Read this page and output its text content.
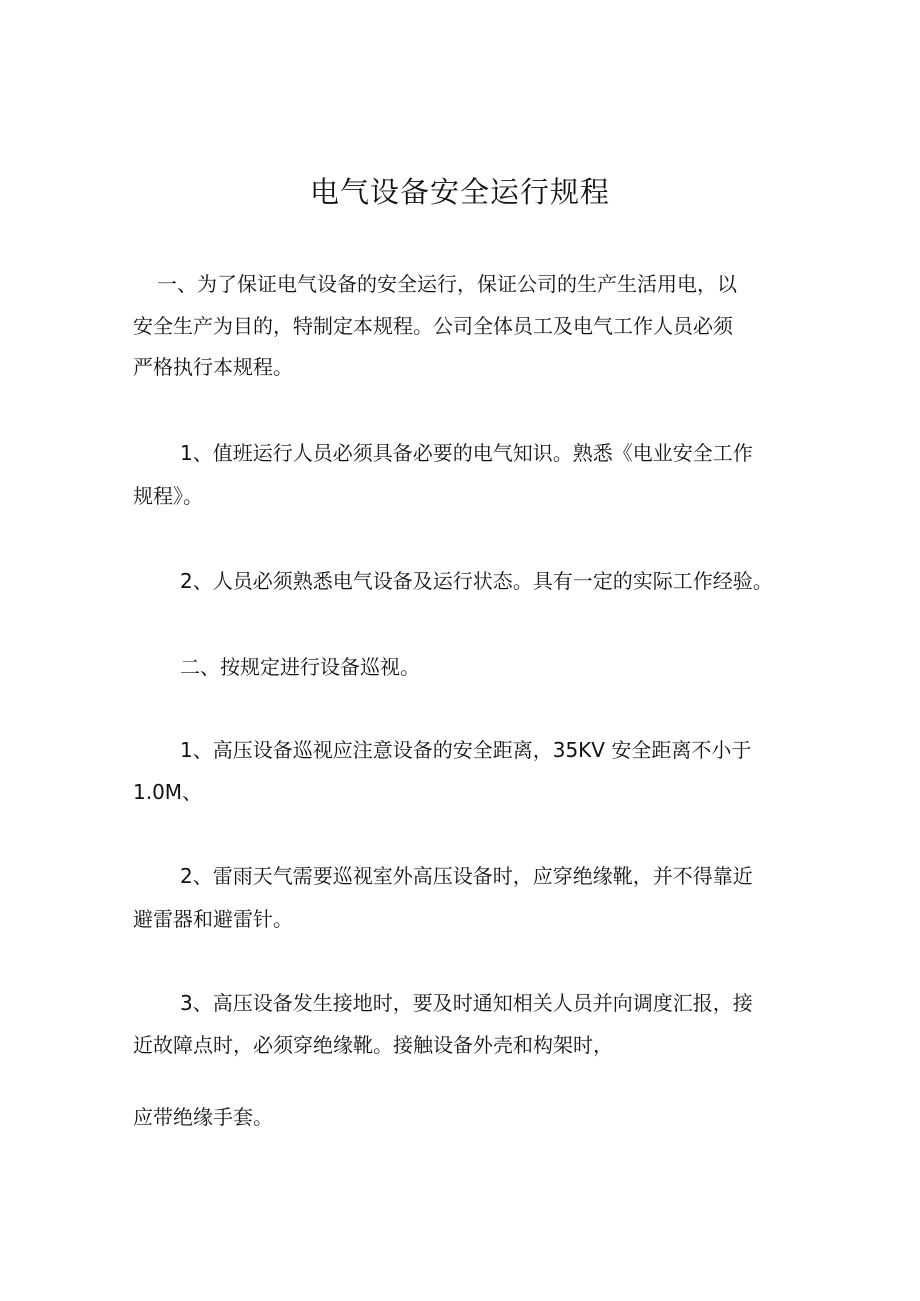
电气设备安全运行规程

一、为了保证电气设备的安全运行，保证公司的生产生活用电，以

安全生产为目的，特制定本规程。公司全体员工及电气工作人员必须

严格执行本规程。

1、值班运行人员必须具备必要的电气知识。熟悉《电业安全工作

规程》。

2、人员必须熟悉电气设备及运行状态。具有一定的实际工作经验。

二、按规定进行设备巡视。

1、高压设备巡视应注意设备的安全距离，35KV 安全距离不小于

1.0M、

2、雷雨天气需要巡视室外高压设备时，应穿绝缘靴，并不得靠近

避雷器和避雷针。

3、高压设备发生接地时，要及时通知相关人员并向调度汇报，接

近故障点时，必须穿绝缘靴。接触设备外壳和构架时，

应带绝缘手套。
